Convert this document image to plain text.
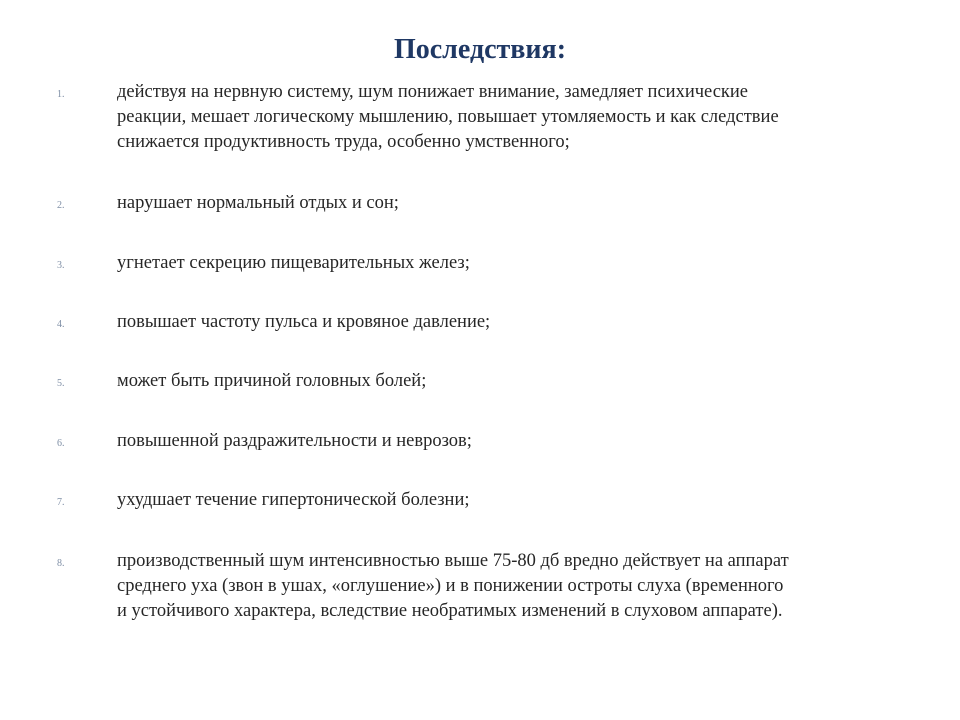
Последствия:
1.	действуя на нервную систему, шум понижает внимание, замедляет психические
реакции, мешает логическому мышлению, повышает утомляемость и как следствие
снижается продуктивность труда, особенно умственного;
2.	нарушает нормальный отдых и сон;
3.	угнетает секрецию пищеварительных желез;
4.	повышает частоту пульса и кровяное давление;
5.	может быть причиной головных болей;
6.	повышенной раздражительности и неврозов;
7.	ухудшает течение гипертонической болезни;
8.	производственный шум интенсивностью выше 75-80 дб вредно действует на аппарат
среднего уха (звон в ушах, «оглушение») и в понижении остроты слуха (временного
и устойчивого характера, вследствие необратимых изменений в слуховом аппарате).
